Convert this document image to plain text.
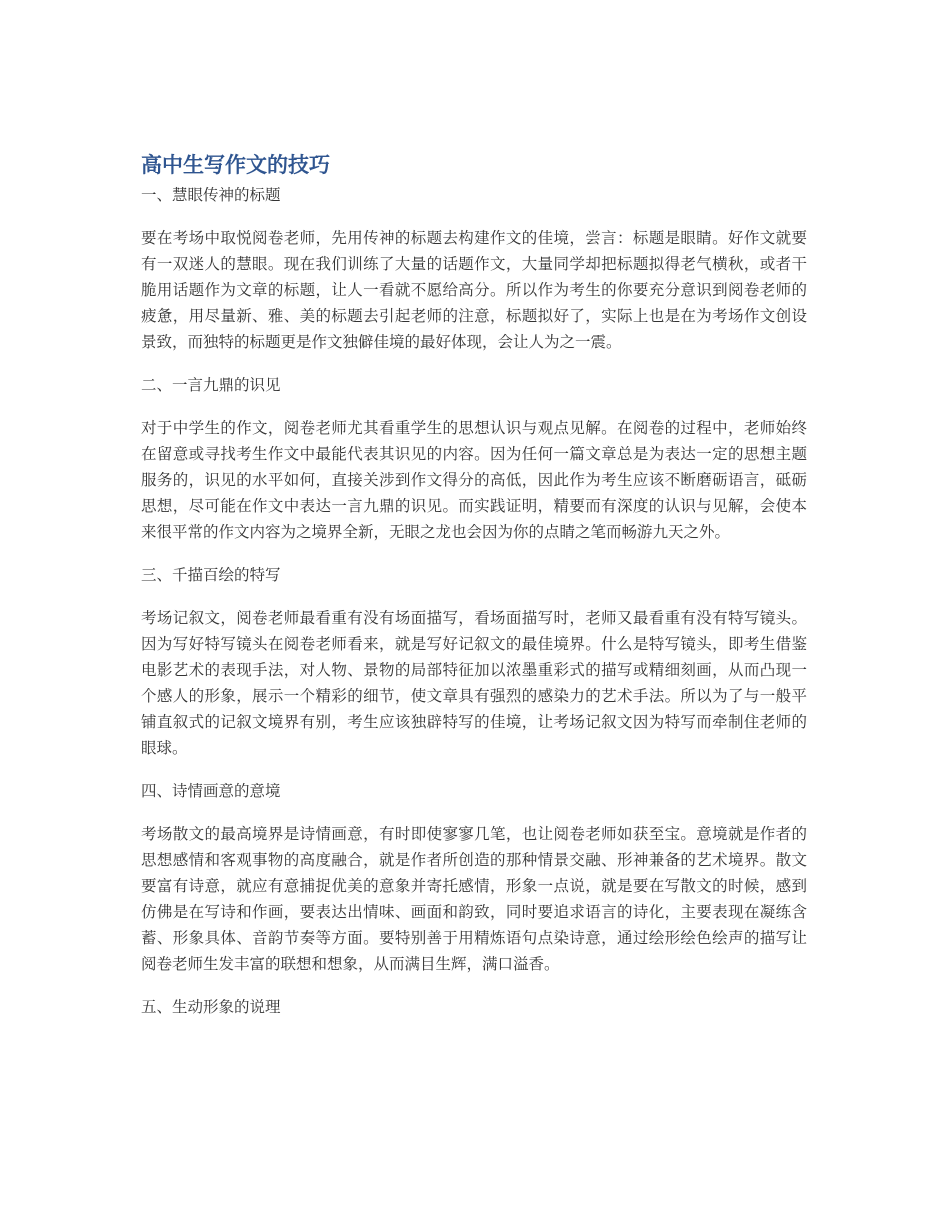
高中生写作文的技巧

一、慧眼传神的标题

要在考场中取悦阅卷老师，先用传神的标题去构建作文的佳境，尝言：标题是眼睛。好作文就要有一双迷人的慧眼。现在我们训练了大量的话题作文，大量同学却把标题拟得老气横秋，或者干脆用话题作为文章的标题，让人一看就不愿给高分。所以作为考生的你要充分意识到阅卷老师的疲惫，用尽量新、雅、美的标题去引起老师的注意，标题拟好了，实际上也是在为考场作文创设景致，而独特的标题更是作文独僻佳境的最好体现，会让人为之一震。

二、一言九鼎的识见

对于中学生的作文，阅卷老师尤其看重学生的思想认识与观点见解。在阅卷的过程中，老师始终在留意或寻找考生作文中最能代表其识见的内容。因为任何一篇文章总是为表达一定的思想主题服务的，识见的水平如何，直接关涉到作文得分的高低，因此作为考生应该不断磨砺语言，砥砺思想，尽可能在作文中表达一言九鼎的识见。而实践证明，精要而有深度的认识与见解，会使本来很平常的作文内容为之境界全新，无眼之龙也会因为你的点睛之笔而畅游九天之外。

三、千描百绘的特写

考场记叙文，阅卷老师最看重有没有场面描写，看场面描写时，老师又最看重有没有特写镜头。因为写好特写镜头在阅卷老师看来，就是写好记叙文的最佳境界。什么是特写镜头，即考生借鉴电影艺术的表现手法，对人物、景物的局部特征加以浓墨重彩式的描写或精细刻画，从而凸现一个感人的形象，展示一个精彩的细节，使文章具有强烈的感染力的艺术手法。所以为了与一般平铺直叙式的记叙文境界有别，考生应该独辟特写的佳境，让考场记叙文因为特写而牵制住老师的眼球。

四、诗情画意的意境

考场散文的最高境界是诗情画意，有时即使寥寥几笔，也让阅卷老师如获至宝。意境就是作者的思想感情和客观事物的高度融合，就是作者所创造的那种情景交融、形神兼备的艺术境界。散文要富有诗意，就应有意捕捉优美的意象并寄托感情，形象一点说，就是要在写散文的时候，感到仿佛是在写诗和作画，要表达出情味、画面和韵致，同时要追求语言的诗化，主要表现在凝练含蓄、形象具体、音韵节奏等方面。要特别善于用精炼语句点染诗意，通过绘形绘色绘声的描写让阅卷老师生发丰富的联想和想象，从而满目生辉，满口溢香。

五、生动形象的说理
